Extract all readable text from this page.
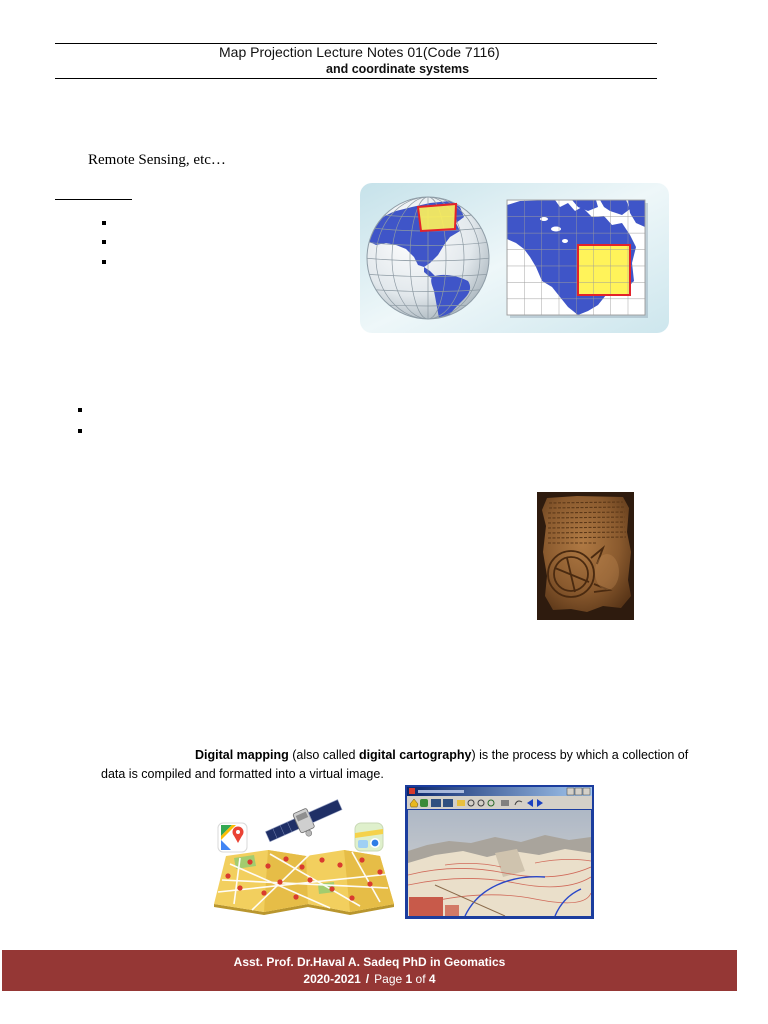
Map Projection Lecture Notes 01(Code 7116)
and coordinate systems
Remote Sensing, etc…
Digital mapping (also called digital cartography) is the process by which a collection of
data is compiled and formatted into a virtual image.
Asst. Prof. Dr.Haval A. Sadeq PhD in Geomatics
2020-2021 / Page 1 of 4
